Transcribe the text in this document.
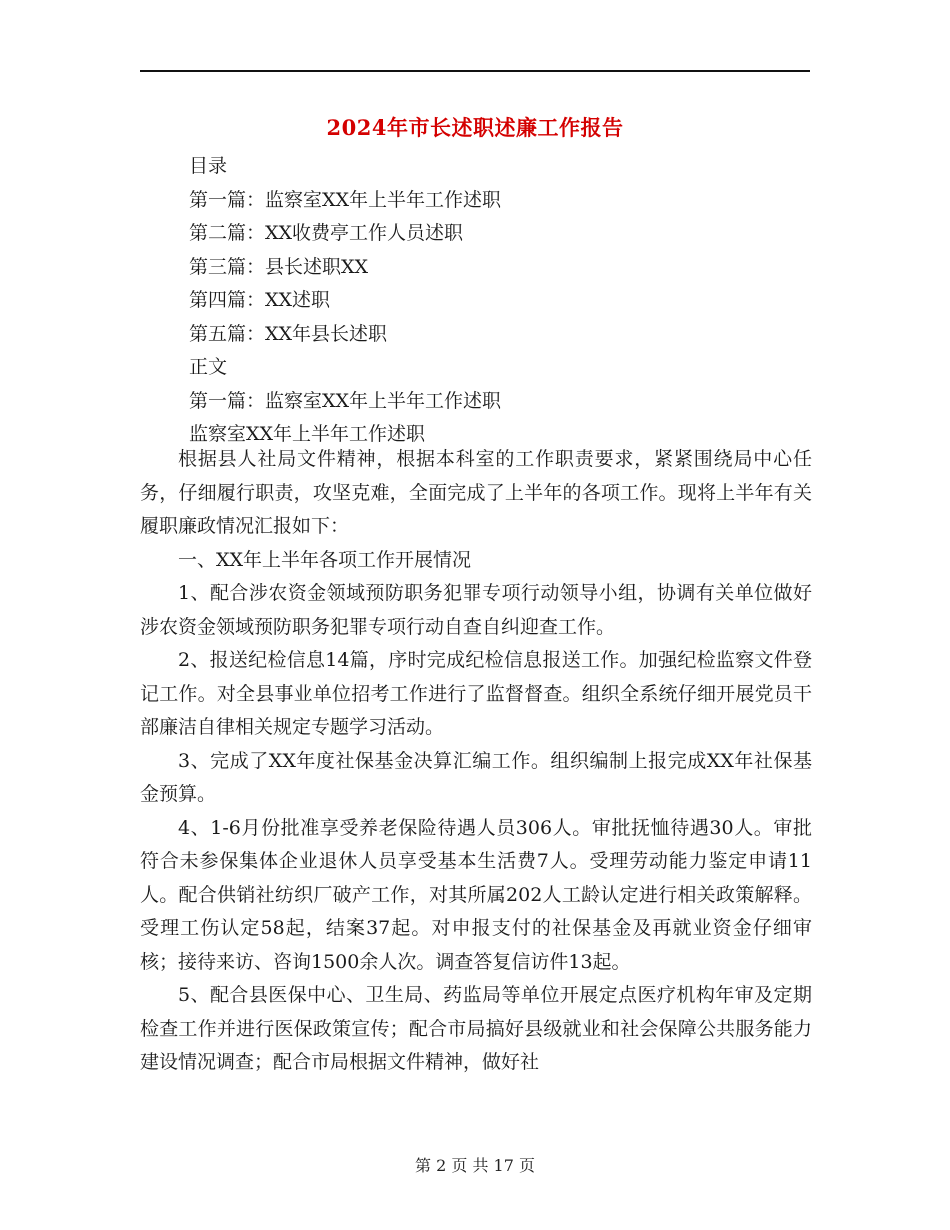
2024年市长述职述廉工作报告
目录
第一篇：监察室XX年上半年工作述职
第二篇：XX收费亭工作人员述职
第三篇：县长述职XX
第四篇：XX述职
第五篇：XX年县长述职
正文
第一篇：监察室XX年上半年工作述职
监察室XX年上半年工作述职

根据县人社局文件精神，根据本科室的工作职责要求，紧紧围绕局中心任务，仔细履行职责，攻坚克难，全面完成了上半年的各项工作。现将上半年有关履职廉政情况汇报如下：

一、XX年上半年各项工作开展情况

1、配合涉农资金领域预防职务犯罪专项行动领导小组，协调有关单位做好涉农资金领域预防职务犯罪专项行动自查自纠迎查工作。

2、报送纪检信息14篇，序时完成纪检信息报送工作。加强纪检监察文件登记工作。对全县事业单位招考工作进行了监督督查。组织全系统仔细开展党员干部廉洁自律相关规定专题学习活动。

3、完成了XX年度社保基金决算汇编工作。组织编制上报完成XX年社保基金预算。

4、1-6月份批准享受养老保险待遇人员306人。审批抚恤待遇30人。审批符合未参保集体企业退休人员享受基本生活费7人。受理劳动能力鉴定申请11人。配合供销社纺织厂破产工作，对其所属202人工龄认定进行相关政策解释。受理工伤认定58起，结案37起。对申报支付的社保基金及再就业资金仔细审核；接待来访、咨询1500余人次。调查答复信访件13起。

5、配合县医保中心、卫生局、药监局等单位开展定点医疗机构年审及定期检查工作并进行医保政策宣传；配合市局搞好县级就业和社会保障公共服务能力建设情况调查；配合市局根据文件精神，做好社

第 2 页 共 17 页
